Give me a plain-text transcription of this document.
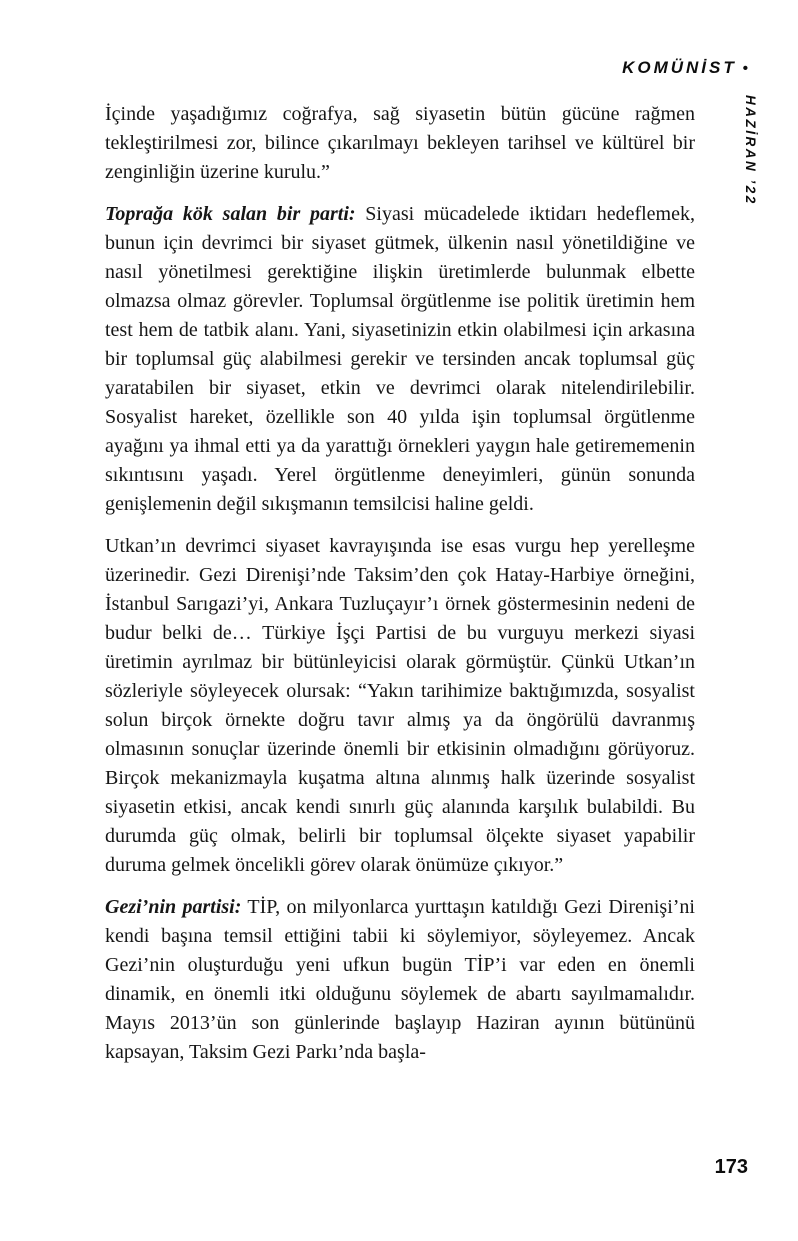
KOMÜNİST •
HAZİRAN ’22

İçinde yaşadığımız coğrafya, sağ siyasetin bütün gücüne rağmen tekleştirilmesi zor, bilince çıkarılmayı bekleyen tarihsel ve kültürel bir zenginliğin üzerine kurulu.”

Toprağa kök salan bir parti: Siyasi mücadelede iktidarı hedeflemek, bunun için devrimci bir siyaset gütmek, ülkenin nasıl yönetildiğine ve nasıl yönetilmesi gerektiğine ilişkin üretimlerde bulunmak elbette olmazsa olmaz görevler. Toplumsal örgütlenme ise politik üretimin hem test hem de tatbik alanı. Yani, siyasetinizin etkin olabilmesi için arkasına bir toplumsal güç alabilmesi gerekir ve tersinden ancak toplumsal güç yaratabilen bir siyaset, etkin ve devrimci olarak nitelendirilebilir. Sosyalist hareket, özellikle son 40 yılda işin toplumsal örgütlenme ayağını ya ihmal etti ya da yarattığı örnekleri yaygın hale getirememenin sıkıntısını yaşadı. Yerel örgütlenme deneyimleri, günün sonunda genişlemenin değil sıkışmanın temsilcisi haline geldi.

Utkan’ın devrimci siyaset kavrayışında ise esas vurgu hep yerelleşme üzerinedir. Gezi Direnişi’nde Taksim’den çok Hatay-Harbiye örneğini, İstanbul Sarıgazi’yi, Ankara Tuzluçayır’ı örnek göstermesinin nedeni de budur belki de… Türkiye İşçi Partisi de bu vurguyu merkezi siyasi üretimin ayrılmaz bir bütünleyicisi olarak görmüştür. Çünkü Utkan’ın sözleriyle söyleyecek olursak: “Yakın tarihimize baktığımızda, sosyalist solun birçok örnekte doğru tavır almış ya da öngörülü davranmış olmasının sonuçlar üzerinde önemli bir etkisinin olmadığını görüyoruz. Birçok mekanizmayla kuşatma altına alınmış halk üzerinde sosyalist siyasetin etkisi, ancak kendi sınırlı güç alanında karşılık bulabildi. Bu durumda güç olmak, belirli bir toplumsal ölçekte siyaset yapabilir duruma gelmek öncelikli görev olarak önümüze çıkıyor.”

Gezi’nin partisi: TİP, on milyonlarca yurttaşın katıldığı Gezi Direnişi’ni kendi başına temsil ettiğini tabii ki söylemiyor, söyleyemez. Ancak Gezi’nin oluşturduğu yeni ufkun bugün TİP’i var eden en önemli dinamik, en önemli itki olduğunu söylemek de abartı sayılmamalıdır. Mayıs 2013’ün son günlerinde başlayıp Haziran ayının bütününü kapsayan, Taksim Gezi Parkı’nda başla-

173
